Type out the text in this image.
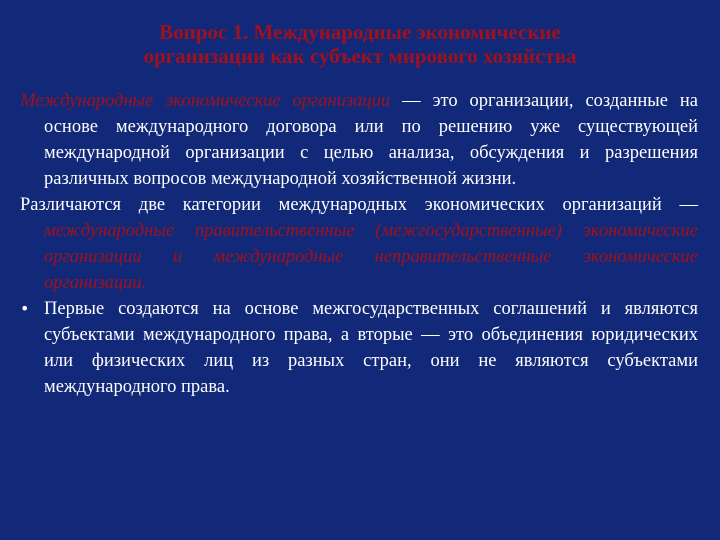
Вопрос 1. Международные экономические
организации как субъект мирового хозяйства

Международные экономические организации — это организации, созданные на основе международного договора или по решению уже существующей международной организации с целью анализа, обсуждения и разрешения различных вопросов международной хозяйственной жизни.

Различаются две категории международных экономических организаций — международные правительственные (межгосударственные) экономические организации и международные неправительственные экономические организации.

• Первые создаются на основе межгосударственных соглашений и являются субъектами международного права, а вторые — это объединения юридических или физических лиц из разных стран, они не являются субъектами международного права.
